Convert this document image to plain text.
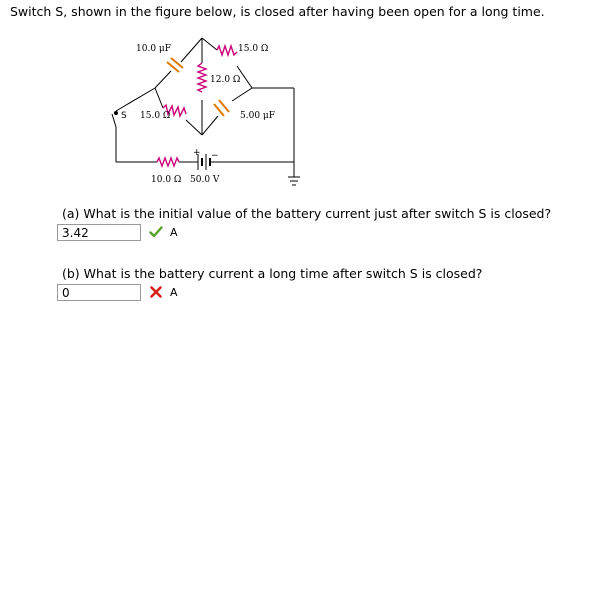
Switch S, shown in the figure below, is closed after having been open for a long time.
10.0 μF	15.0 Ω
12.0 Ω
S 15.0 Ω	5.00 μF
10.0 Ω 50.0 V
+ −
(a) What is the initial value of the battery current just after switch S is closed?
3.42
A
(b) What is the battery current a long time after switch S is closed?
0
A
